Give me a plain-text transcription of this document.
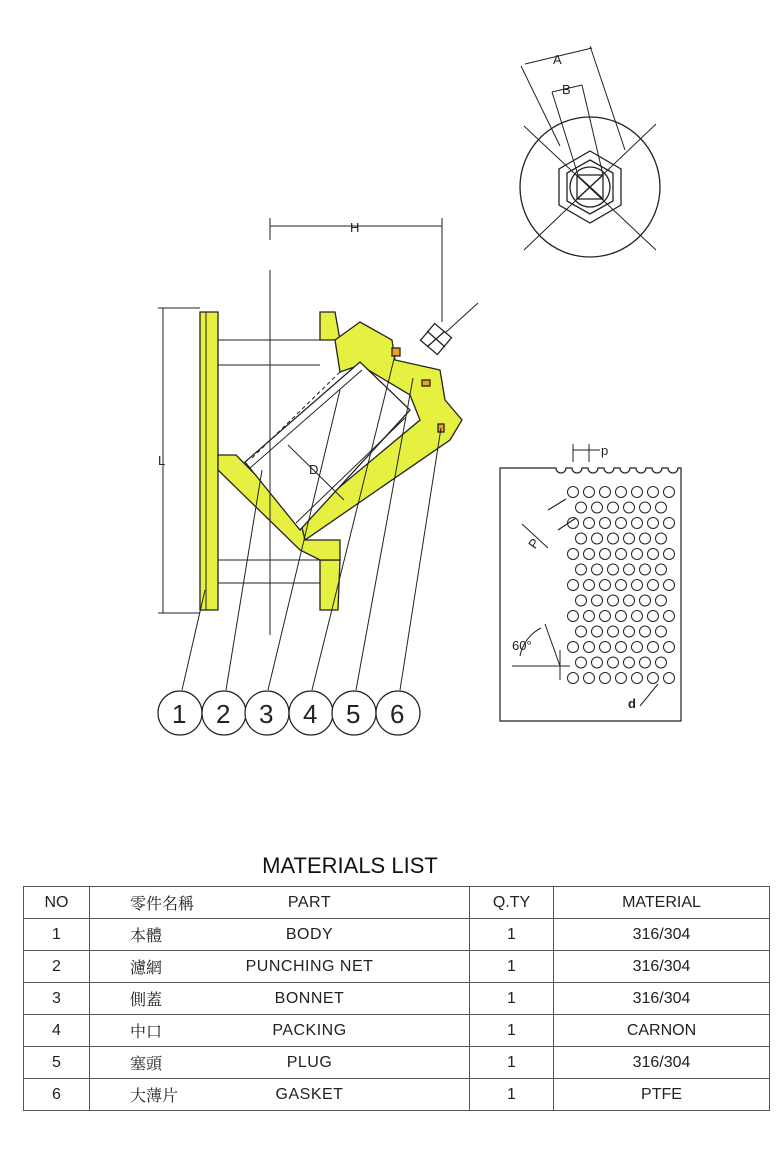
A
B
H
L
D
1 2 3 4 5 6
p
P
60°
d
MATERIALS LIST
NO	零件名稱 PART	Q.TY	MATERIAL
1	本體 BODY	1	316/304
2	濾網 PUNCHING NET	1	316/304
3	側蓋 BONNET	1	316/304
4	中口 PACKING	1	CARNON
5	塞頭 PLUG	1	316/304
6	大薄片 GASKET	1	PTFE
